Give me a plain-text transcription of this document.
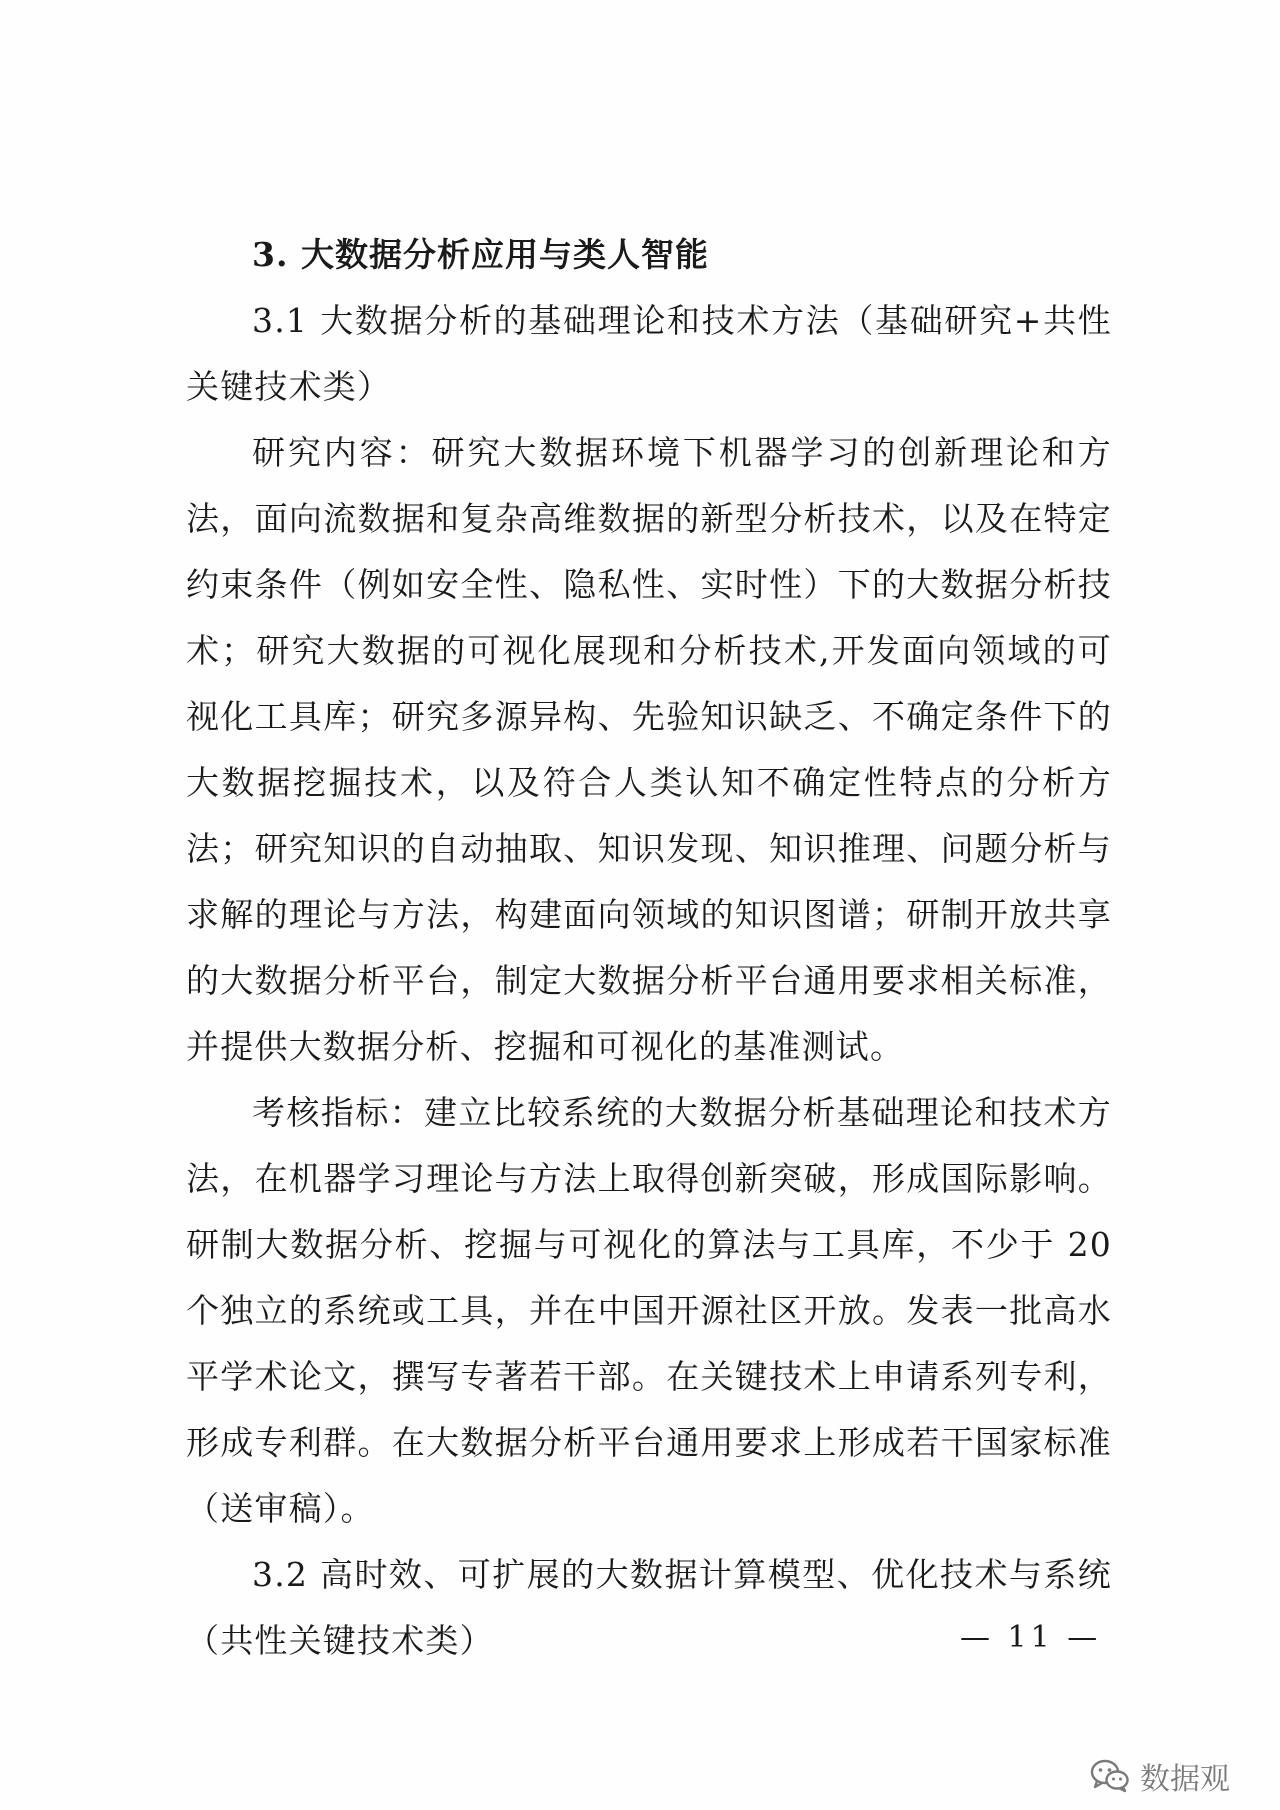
3. 大数据分析应用与类人智能

3.1 大数据分析的基础理论和技术方法（基础研究+共性关键技术类）

研究内容：研究大数据环境下机器学习的创新理论和方法，面向流数据和复杂高维数据的新型分析技术，以及在特定约束条件（例如安全性、隐私性、实时性）下的大数据分析技术；研究大数据的可视化展现和分析技术,开发面向领域的可视化工具库；研究多源异构、先验知识缺乏、不确定条件下的大数据挖掘技术，以及符合人类认知不确定性特点的分析方法；研究知识的自动抽取、知识发现、知识推理、问题分析与求解的理论与方法，构建面向领域的知识图谱；研制开放共享的大数据分析平台，制定大数据分析平台通用要求相关标准，并提供大数据分析、挖掘和可视化的基准测试。

考核指标：建立比较系统的大数据分析基础理论和技术方法，在机器学习理论与方法上取得创新突破，形成国际影响。研制大数据分析、挖掘与可视化的算法与工具库，不少于 20 个独立的系统或工具，并在中国开源社区开放。发表一批高水平学术论文，撰写专著若干部。在关键技术上申请系列专利，形成专利群。在大数据分析平台通用要求上形成若干国家标准（送审稿）。

3.2 高时效、可扩展的大数据计算模型、优化技术与系统（共性关键技术类）	— 11 —
数据观
